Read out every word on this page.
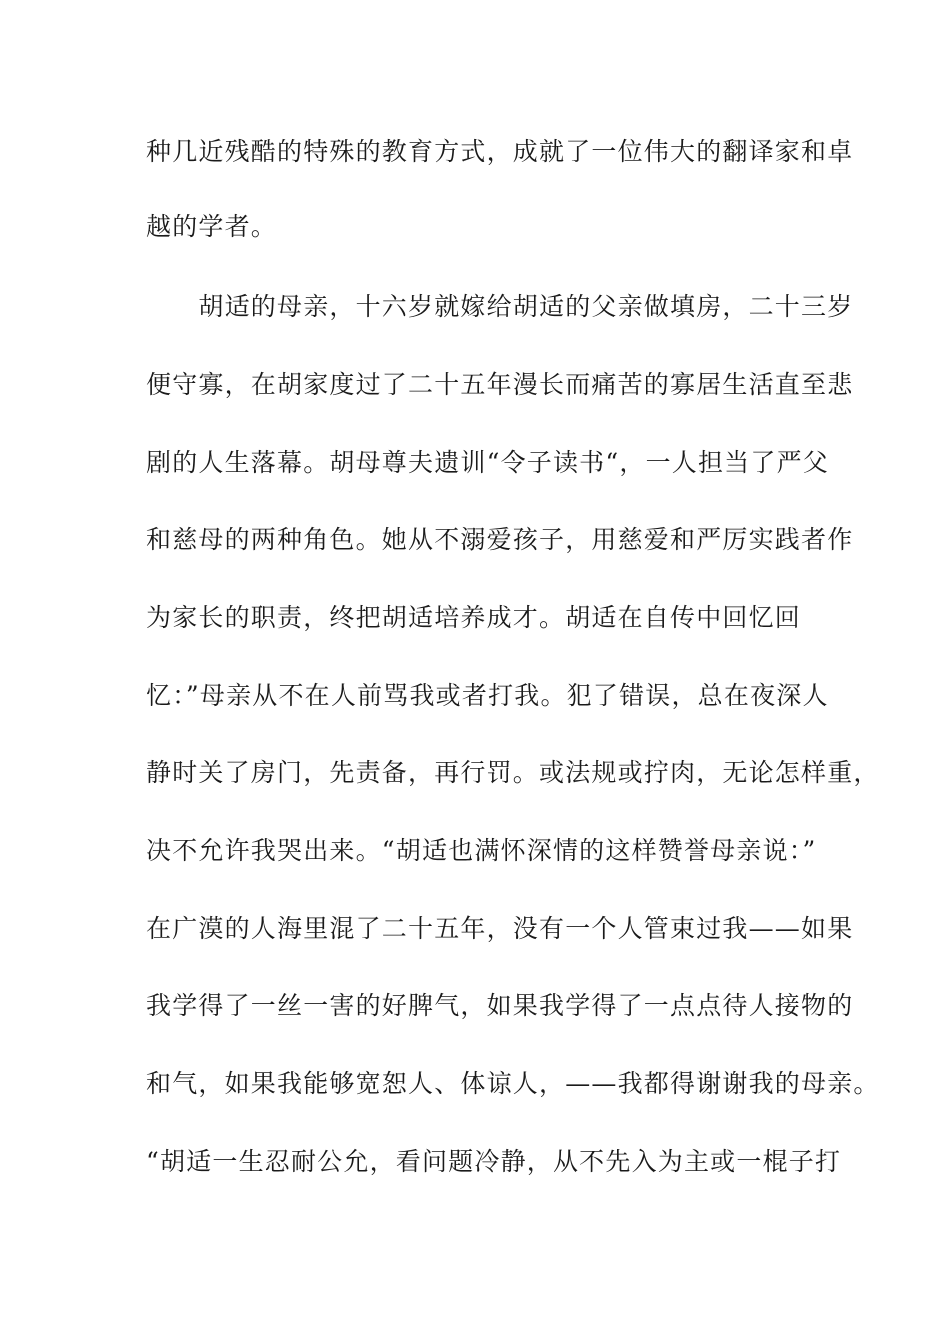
种几近残酷的特殊的教育方式，成就了一位伟大的翻译家和卓
越的学者。
　　胡适的母亲，十六岁就嫁给胡适的父亲做填房，二十三岁
便守寡，在胡家度过了二十五年漫长而痛苦的寡居生活直至悲
剧的人生落幕。胡母尊夫遗训“令子读书“，一人担当了严父
和慈母的两种角色。她从不溺爱孩子，用慈爱和严厉实践者作
为家长的职责，终把胡适培养成才。胡适在自传中回忆回
忆：”母亲从不在人前骂我或者打我。犯了错误，总在夜深人
静时关了房门，先责备，再行罚。或法规或拧肉，无论怎样重，
决不允许我哭出来。“胡适也满怀深情的这样赞誉母亲说：”
在广漠的人海里混了二十五年，没有一个人管束过我——如果
我学得了一丝一害的好脾气，如果我学得了一点点待人接物的
和气，如果我能够宽恕人、体谅人，——我都得谢谢我的母亲。
“胡适一生忍耐公允，看问题冷静，从不先入为主或一棍子打
